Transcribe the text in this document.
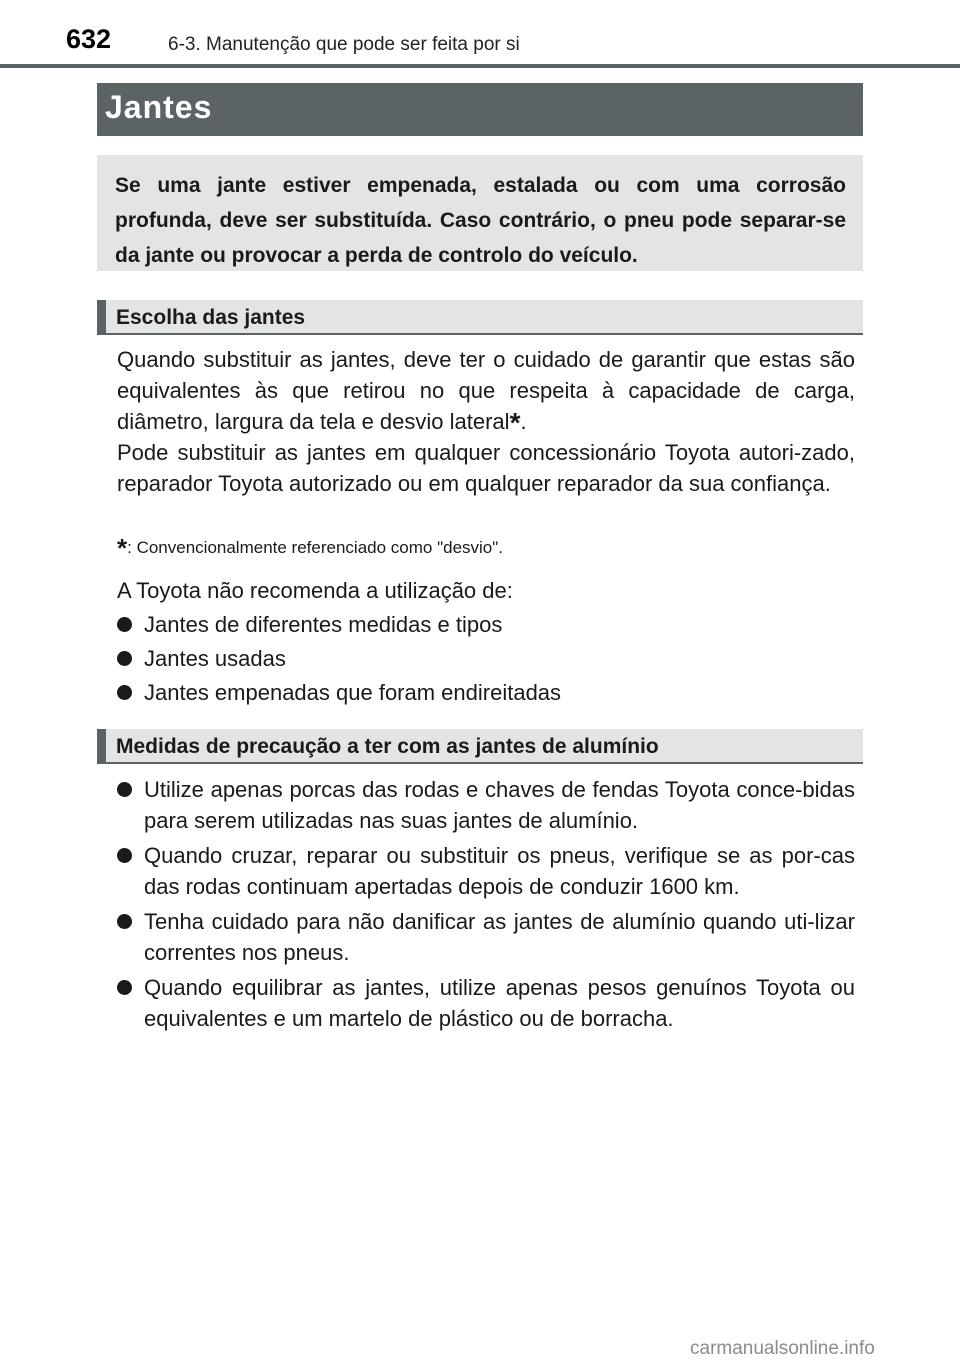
632	6-3. Manutenção que pode ser feita por si
Jantes
Se uma jante estiver empenada, estalada ou com uma corrosão profunda, deve ser substituída. Caso contrário, o pneu pode separar-se da jante ou provocar a perda de controlo do veículo.
Escolha das jantes

Quando substituir as jantes, deve ter o cuidado de garantir que estas são equivalentes às que retirou no que respeita à capacidade de carga, diâmetro, largura da tela e desvio lateral*.

Pode substituir as jantes em qualquer concessionário Toyota autori-zado, reparador Toyota autorizado ou em qualquer reparador da sua confiança.

*: Convencionalmente referenciado como "desvio".
A Toyota não recomenda a utilização de:
Jantes de diferentes medidas e tipos
Jantes usadas
Jantes empenadas que foram endireitadas
Medidas de precaução a ter com as jantes de alumínio
Utilize apenas porcas das rodas e chaves de fendas Toyota conce-bidas para serem utilizadas nas suas jantes de alumínio.
Quando cruzar, reparar ou substituir os pneus, verifique se as por-cas das rodas continuam apertadas depois de conduzir 1600 km.
Tenha cuidado para não danificar as jantes de alumínio quando uti-lizar correntes nos pneus.
Quando equilibrar as jantes, utilize apenas pesos genuínos Toyota ou equivalentes e um martelo de plástico ou de borracha.
carmanualsonline.info
